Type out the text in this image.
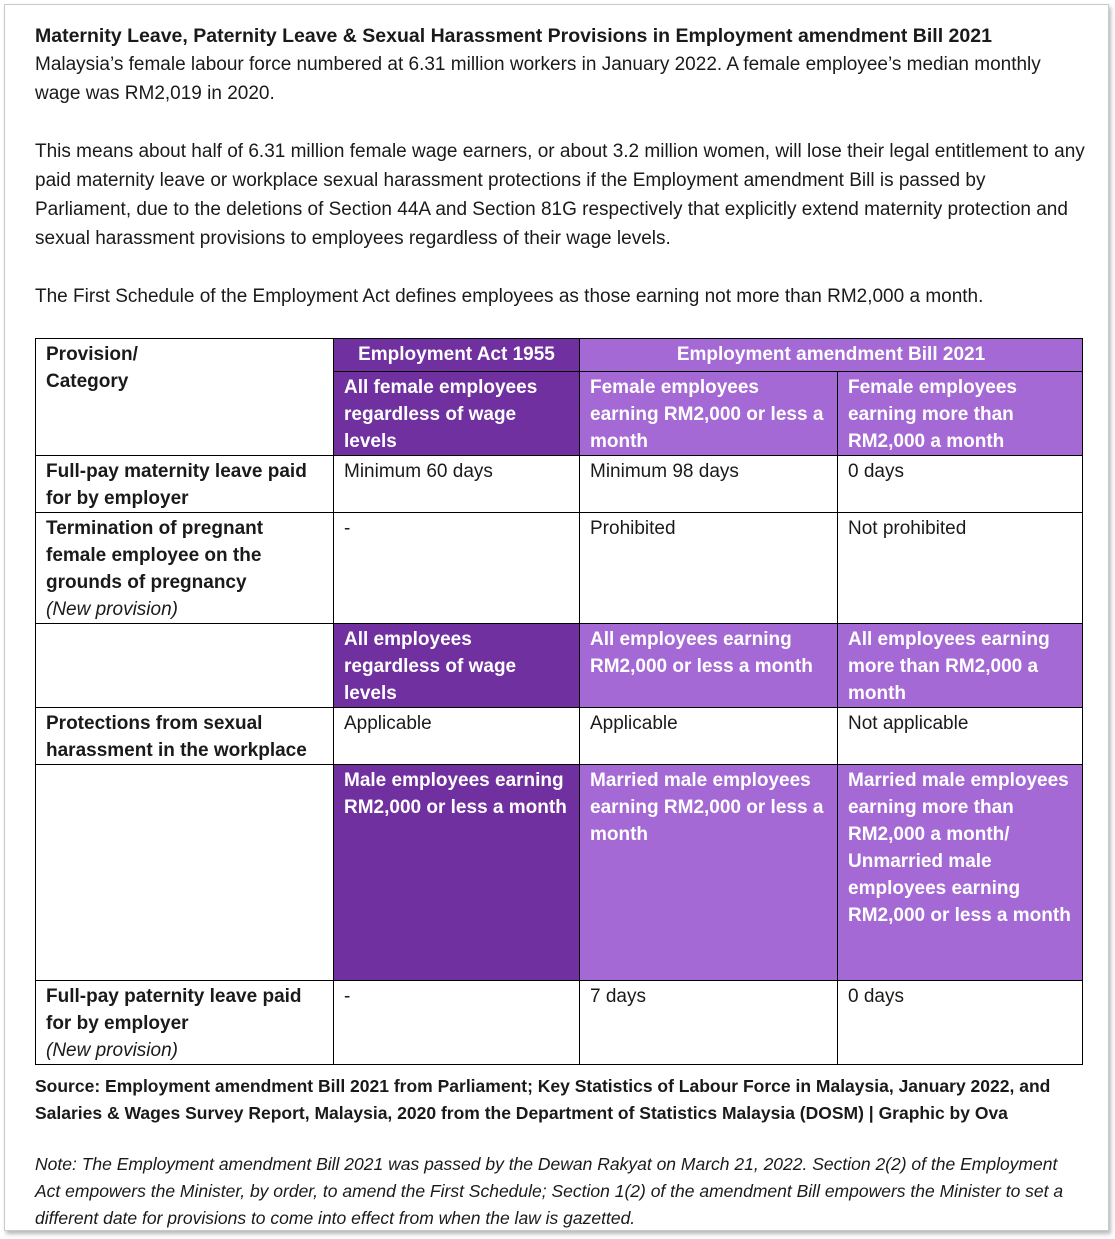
Maternity Leave, Paternity Leave & Sexual Harassment Provisions in Employment amendment Bill 2021

Malaysia’s female labour force numbered at 6.31 million workers in January 2022. A female employee’s median monthly wage was RM2,019 in 2020.

This means about half of 6.31 million female wage earners, or about 3.2 million women, will lose their legal entitlement to any paid maternity leave or workplace sexual harassment protections if the Employment amendment Bill is passed by Parliament, due to the deletions of Section 44A and Section 81G respectively that explicitly extend maternity protection and sexual harassment provisions to employees regardless of their wage levels.

The First Schedule of the Employment Act defines employees as those earning not more than RM2,000 a month.

Provision/
Category	Employment Act 1955	Employment amendment Bill 2021	
	All female employees regardless of wage levels	Female employees earning RM2,000 or less a month	Female employees earning more than RM2,000 a month
Full-pay maternity leave paid for by employer	Minimum 60 days	Minimum 98 days	0 days
Termination of pregnant female employee on the grounds of pregnancy
(New provision)	-	Prohibited	Not prohibited
	All employees regardless of wage levels	All employees earning RM2,000 or less a month	All employees earning more than RM2,000 a month
Protections from sexual harassment in the workplace	Applicable	Applicable	Not applicable
	Male employees earning RM2,000 or less a month	Married male employees earning RM2,000 or less a month	Married male employees earning more than RM2,000 a month/
Unmarried male employees earning RM2,000 or less a month

Full-pay paternity leave paid for by employer
(New provision)	-	7 days	0 days

Source: Employment amendment Bill 2021 from Parliament; Key Statistics of Labour Force in Malaysia, January 2022, and Salaries & Wages Survey Report, Malaysia, 2020 from the Department of Statistics Malaysia (DOSM) | Graphic by Ova

Note: The Employment amendment Bill 2021 was passed by the Dewan Rakyat on March 21, 2022. Section 2(2) of the Employment Act empowers the Minister, by order, to amend the First Schedule; Section 1(2) of the amendment Bill empowers the Minister to set a different date for provisions to come into effect from when the law is gazetted.
